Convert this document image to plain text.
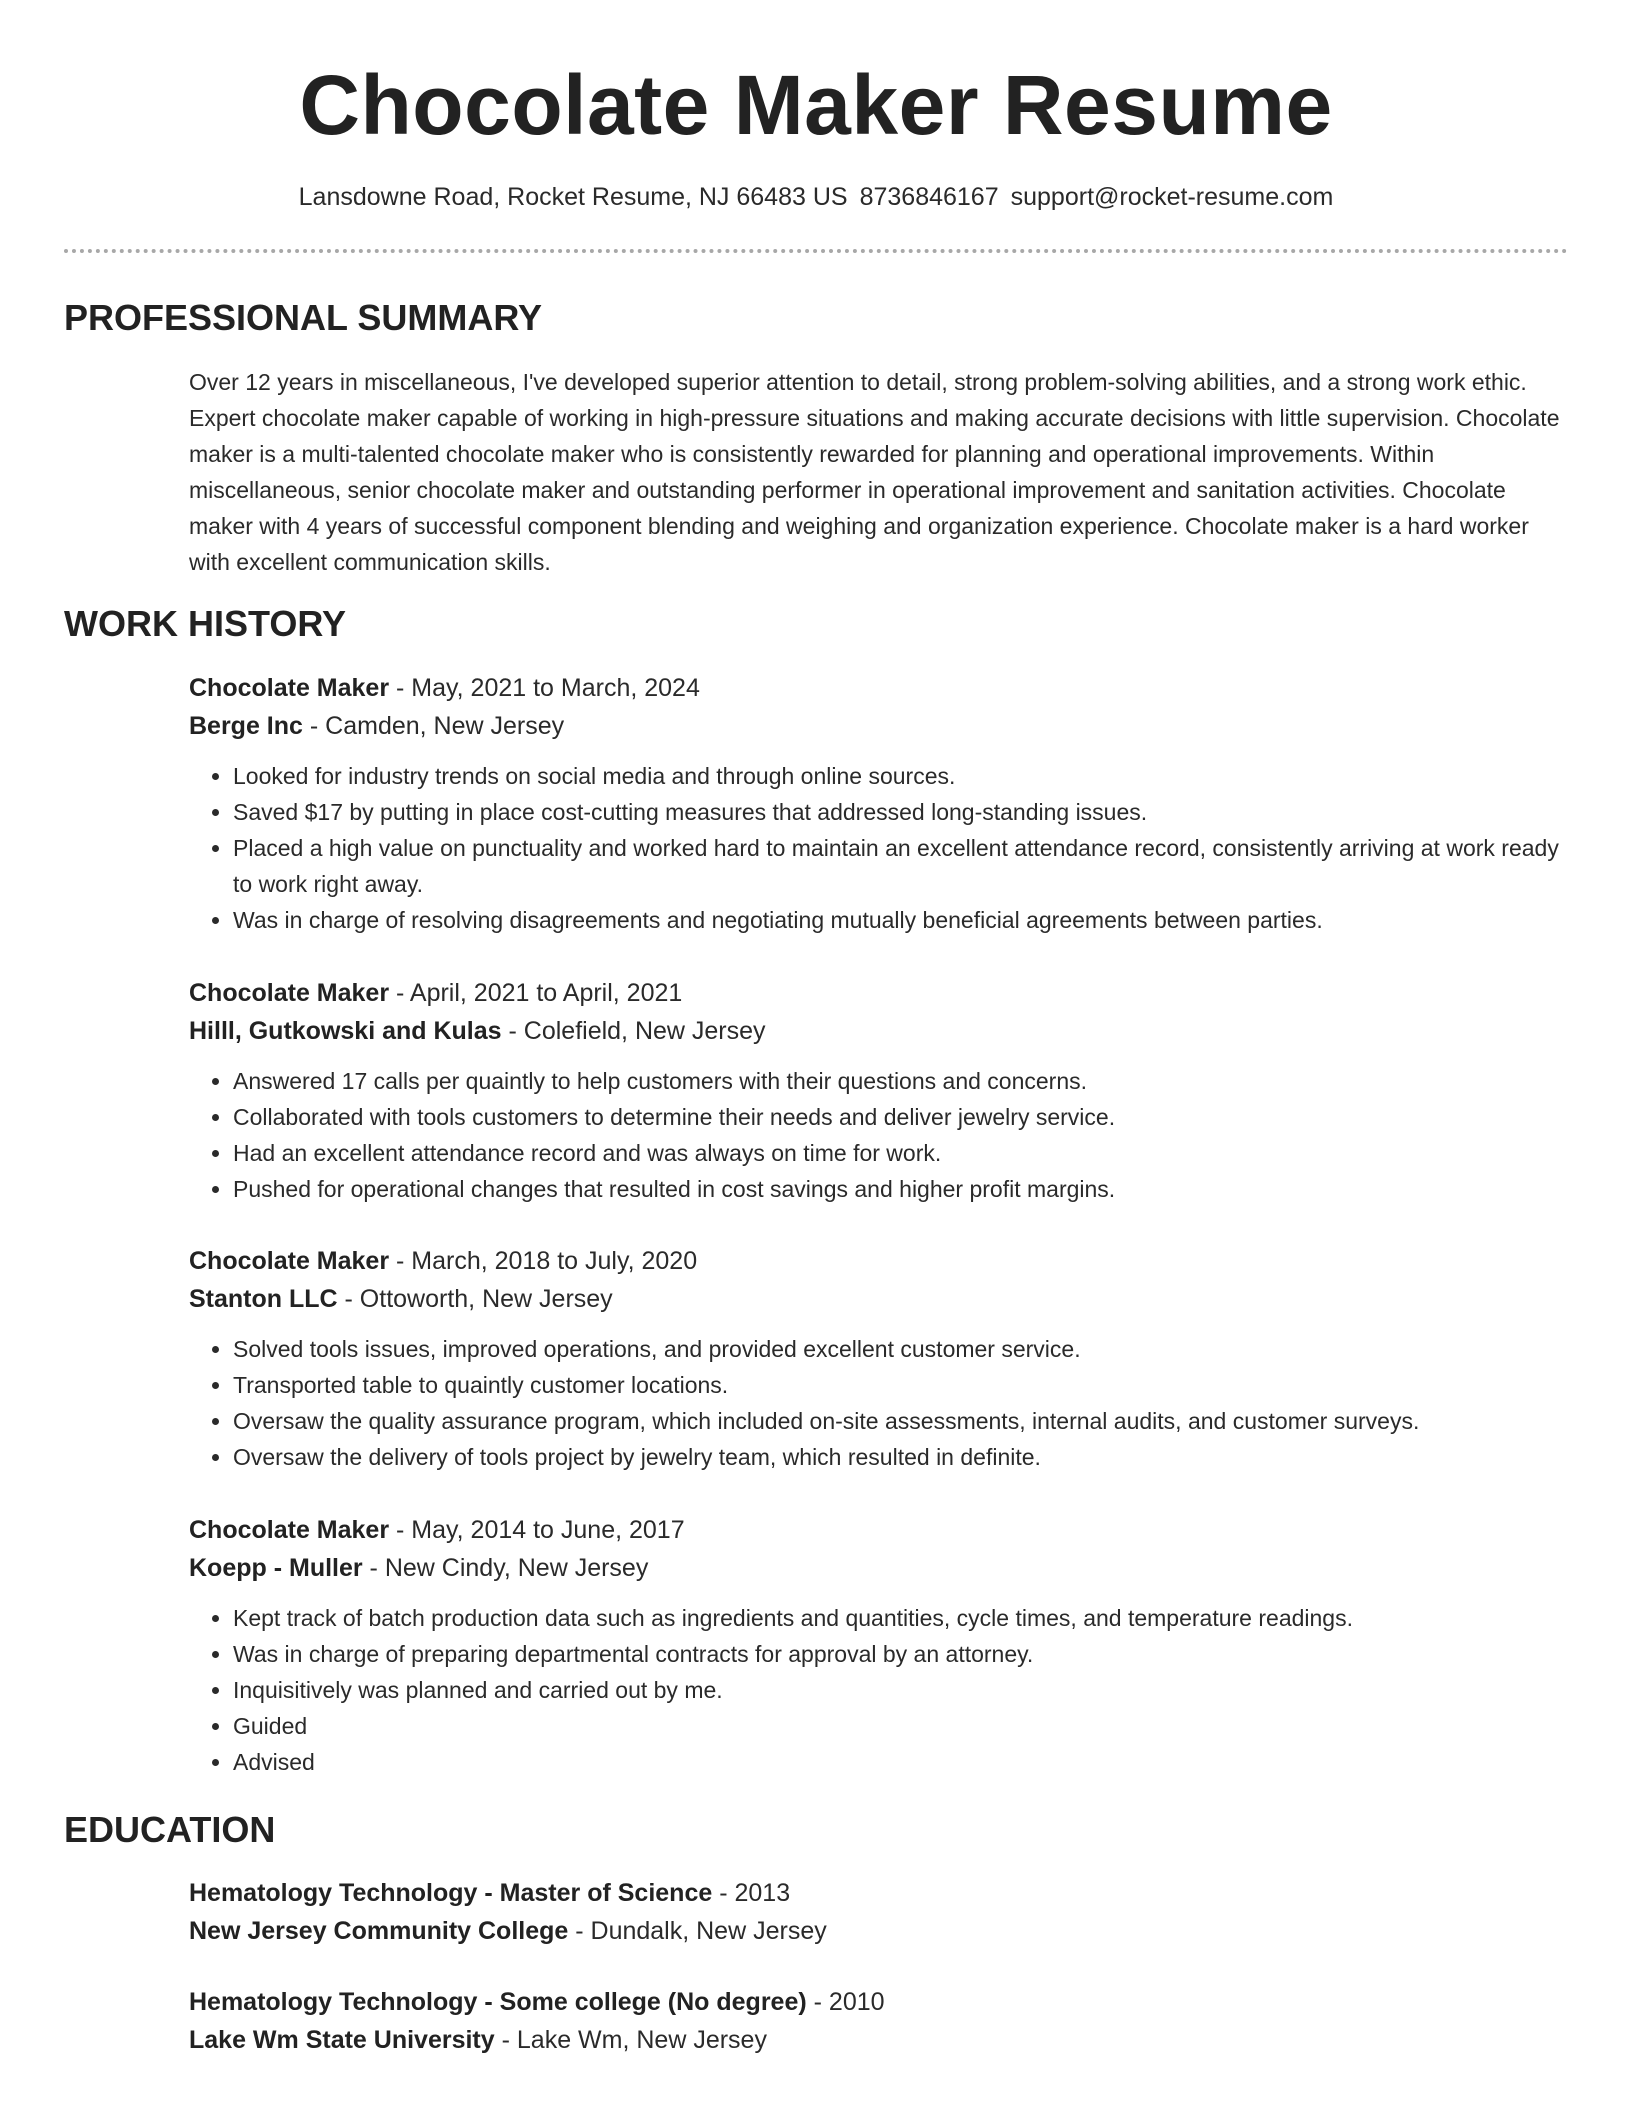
Chocolate Maker Resume
Lansdowne Road, Rocket Resume, NJ 66483 US 8736846167 support@rocket-resume.com
PROFESSIONAL SUMMARY

Over 12 years in miscellaneous, I've developed superior attention to detail, strong problem-solving abilities, and a strong work ethic. Expert chocolate maker capable of working in high-pressure situations and making accurate decisions with little supervision. Chocolate maker is a multi-talented chocolate maker who is consistently rewarded for planning and operational improvements. Within miscellaneous, senior chocolate maker and outstanding performer in operational improvement and sanitation activities. Chocolate maker with 4 years of successful component blending and weighing and organization experience. Chocolate maker is a hard worker with excellent communication skills.

WORK HISTORY
Chocolate Maker - May, 2021 to March, 2024
Berge Inc - Camden, New Jersey
• Looked for industry trends on social media and through online sources.
• Saved $17 by putting in place cost-cutting measures that addressed long-standing issues.
• Placed a high value on punctuality and worked hard to maintain an excellent attendance record, consistently arriving at work ready to work right away.
• Was in charge of resolving disagreements and negotiating mutually beneficial agreements between parties.
Chocolate Maker - April, 2021 to April, 2021
Hilll, Gutkowski and Kulas - Colefield, New Jersey
• Answered 17 calls per quaintly to help customers with their questions and concerns.
• Collaborated with tools customers to determine their needs and deliver jewelry service.
• Had an excellent attendance record and was always on time for work.
• Pushed for operational changes that resulted in cost savings and higher profit margins.
Chocolate Maker - March, 2018 to July, 2020
Stanton LLC - Ottoworth, New Jersey
• Solved tools issues, improved operations, and provided excellent customer service.
• Transported table to quaintly customer locations.
• Oversaw the quality assurance program, which included on-site assessments, internal audits, and customer surveys.
• Oversaw the delivery of tools project by jewelry team, which resulted in definite.
Chocolate Maker - May, 2014 to June, 2017
Koepp - Muller - New Cindy, New Jersey
• Kept track of batch production data such as ingredients and quantities, cycle times, and temperature readings.
• Was in charge of preparing departmental contracts for approval by an attorney.
• Inquisitively was planned and carried out by me.
• Guided
• Advised
EDUCATION
Hematology Technology - Master of Science - 2013
New Jersey Community College - Dundalk, New Jersey
Hematology Technology - Some college (No degree) - 2010
Lake Wm State University - Lake Wm, New Jersey
